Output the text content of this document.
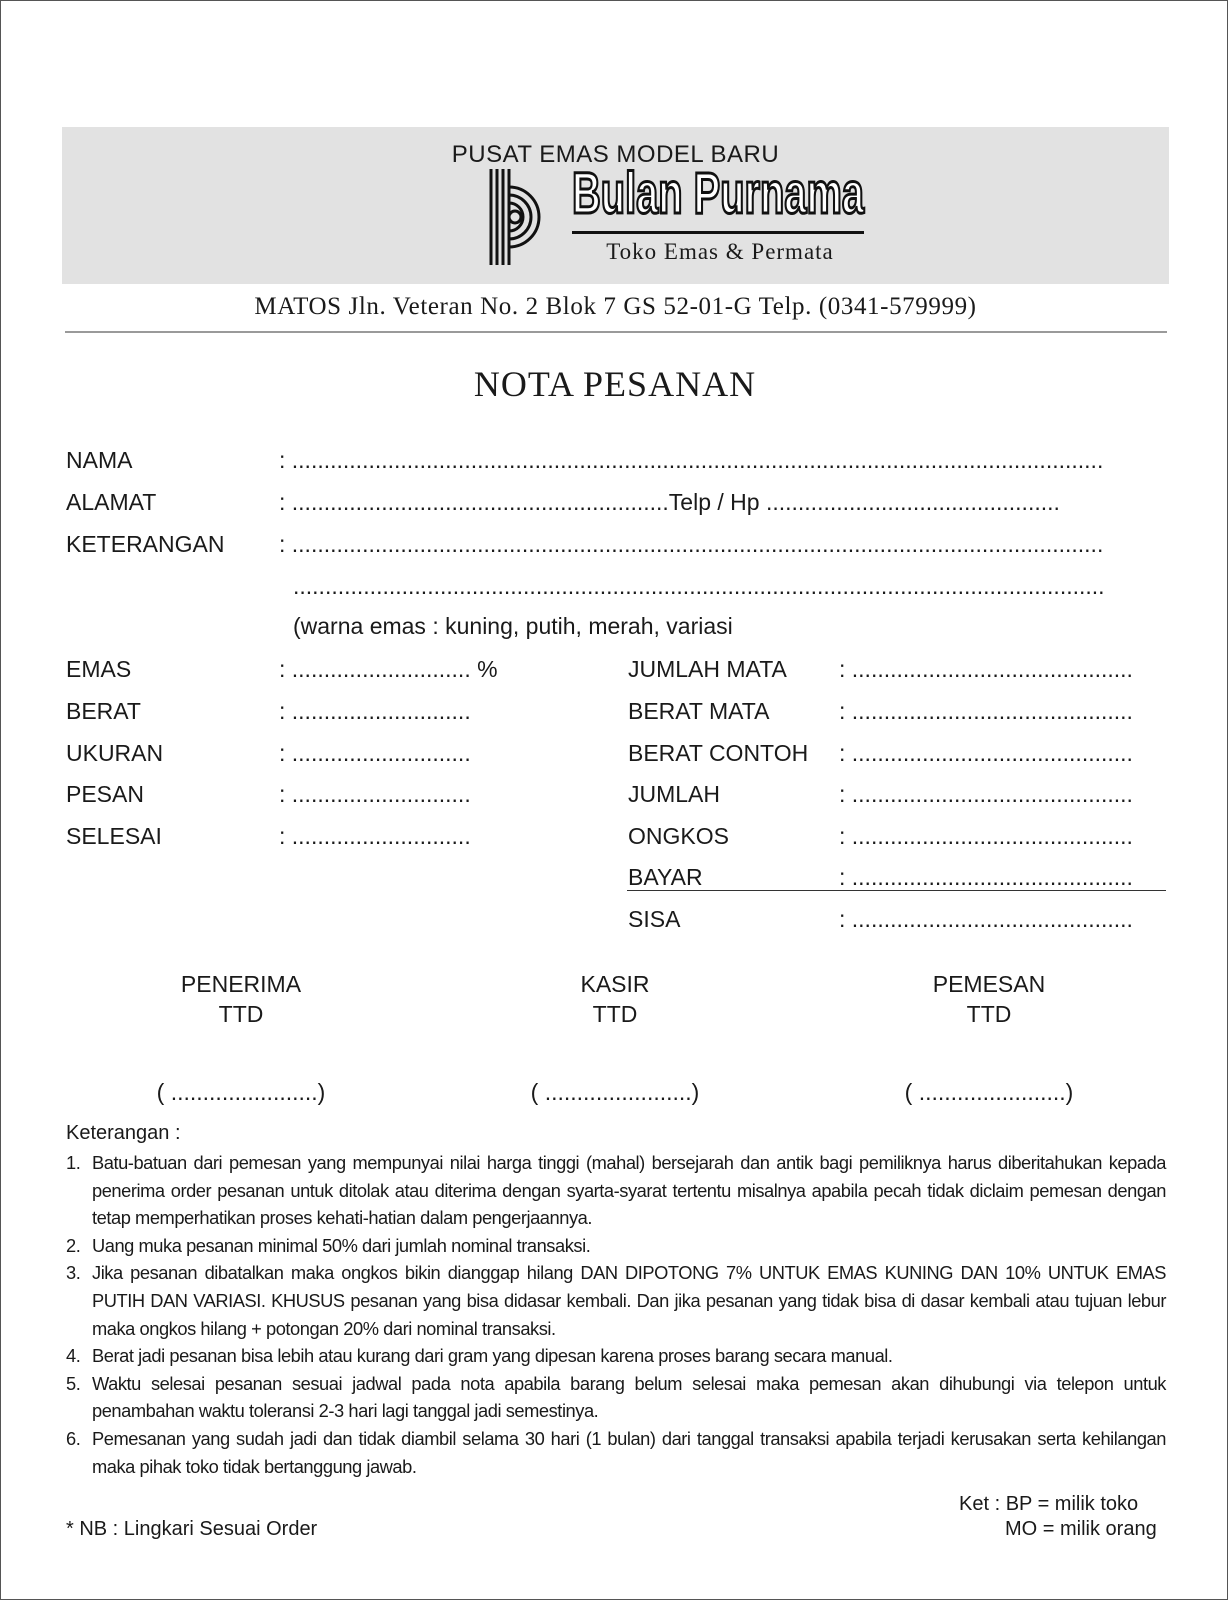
PUSAT EMAS MODEL BARU
Bulan Purnama
Toko Emas & Permata
MATOS Jln. Veteran No. 2 Blok 7 GS 52-01-G Telp. (0341-579999)
NOTA PESANAN
NAMA	: ...............................................................................................................................
ALAMAT	: ...........................................................Telp / Hp ..............................................
KETERANGAN : ...............................................................................................................................
...............................................................................................................................
(warna emas : kuning, putih, merah, variasi
EMAS	: ............................ %
BERAT	: ............................
UKURAN	: ............................
PESAN	: ............................
SELESAI	: ............................
JUMLAH MATA : ............................................
BERAT MATA	: ............................................
BERAT CONTOH : ............................................
JUMLAH	: ............................................
ONGKOS	: ............................................
BAYAR	: ............................................
SISA	: ............................................
PENERIMA
TTD
( .......................)
KASIR
TTD
( .......................)
PEMESAN
TTD
( .......................)
Keterangan :
1. Batu-batuan dari pemesan yang mempunyai nilai harga tinggi (mahal) bersejarah dan antik bagi pemiliknya harus diberitahukan kepada penerima order pesanan untuk ditolak atau diterima dengan syarta-syarat tertentu misalnya apabila pecah tidak diclaim pemesan dengan tetap memperhatikan proses kehati-hatian dalam pengerjaannya.
2. Uang muka pesanan minimal 50% dari jumlah nominal transaksi.
3. Jika pesanan dibatalkan maka ongkos bikin dianggap hilang DAN DIPOTONG 7% UNTUK EMAS KUNING DAN 10% UNTUK EMAS PUTIH DAN VARIASI. KHUSUS pesanan yang bisa didasar kembali. Dan jika pesanan yang tidak bisa di dasar kembali atau tujuan lebur maka ongkos hilang + potongan 20% dari nominal transaksi.
4. Berat jadi pesanan bisa lebih atau kurang dari gram yang dipesan karena proses barang secara manual.
5. Waktu selesai pesanan sesuai jadwal pada nota apabila barang belum selesai maka pemesan akan dihubungi via telepon untuk penambahan waktu toleransi 2-3 hari lagi tanggal jadi semestinya.
6. Pemesanan yang sudah jadi dan tidak diambil selama 30 hari (1 bulan) dari tanggal transaksi apabila terjadi kerusakan serta kehilangan maka pihak toko tidak bertanggung jawab.
Ket : BP = milik toko
MO = milik orang
* NB : Lingkari Sesuai Order
